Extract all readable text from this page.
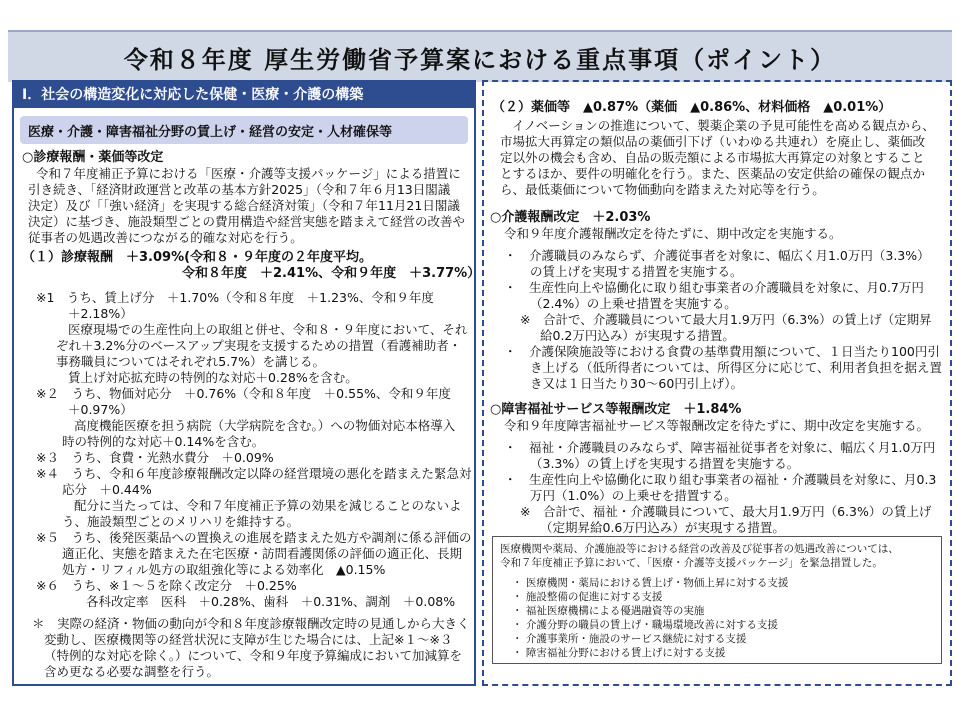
令和８年度 厚生労働省予算案における重点事項（ポイント）
Ⅰ．社会の構造変化に対応した保健・医療・介護の構築
医療・介護・障害福祉分野の賃上げ・経営の安定・人材確保等
○診療報酬・薬価等改定
令和７年度補正予算における「医療・介護等支援パッケージ」による措置に
引き続き、「経済財政運営と改革の基本方針2025」（令和７年６月13日閣議
決定）及び「「強い経済」を実現する総合経済対策」（令和７年11月21日閣議
決定）に基づき、施設類型ごとの費用構造や経営実態を踏まえて経営の改善や
従事者の処遇改善につながる的確な対応を行う。
（１）診療報酬　＋3.09%(令和８・９年度の２年度平均。
令和８年度　＋2.41%、令和９年度　＋3.77%）
※1　うち、賃上げ分　＋1.70%（令和８年度　＋1.23%、令和９年度
＋2.18%）
医療現場での生産性向上の取組と併せ、令和８・９年度において、それ
ぞれ＋3.2%分のベースアップ実現を支援するための措置（看護補助者・
事務職員についてはそれぞれ5.7%）を講じる。
賃上げ対応拡充時の特例的な対応＋0.28%を含む。
※２　うち、物価対応分　＋0.76%（令和８年度　＋0.55%、令和９年度
＋0.97%）
高度機能医療を担う病院（大学病院を含む。）への物価対応本格導入
時の特例的な対応＋0.14%を含む。
※３　うち、食費・光熱水費分　＋0.09%
※４　うち、令和６年度診療報酬改定以降の経営環境の悪化を踏まえた緊急対
応分　＋0.44%
配分に当たっては、令和７年度補正予算の効果を減じることのないよ
う、施設類型ごとのメリハリを維持する。
※５　うち、後発医薬品への置換えの進展を踏まえた処方や調剤に係る評価の
適正化、実態を踏まえた在宅医療・訪問看護関係の評価の適正化、長期
処方・リフィル処方の取組強化等による効率化　▲0.15%
※６　うち、※１～５を除く改定分　＋0.25%
各科改定率　医科　＋0.28%、歯科　＋0.31%、調剤　＋0.08%
＊　実際の経済・物価の動向が令和８年度診療報酬改定時の見通しから大きく
変動し、医療機関等の経営状況に支障が生じた場合には、上記※１～※３
（特例的な対応を除く。）について、令和９年度予算編成において加減算を
含め更なる必要な調整を行う。
（２）薬価等　▲0.87%（薬価　▲0.86%、材料価格　▲0.01%）
イノベーションの推進について、製薬企業の予見可能性を高める観点から、
市場拡大再算定の類似品の薬価引下げ（いわゆる共連れ）を廃止し、薬価改
定以外の機会も含め、自品の販売額による市場拡大再算定の対象とすること
とするほか、要件の明確化を行う。また、医薬品の安定供給の確保の観点か
ら、最低薬価について物価動向を踏まえた対応等を行う。
○介護報酬改定　＋2.03%
令和９年度介護報酬改定を待たずに、期中改定を実施する。
・　介護職員のみならず、介護従事者を対象に、幅広く月1.0万円（3.3%）
の賃上げを実現する措置を実施する。
・　生産性向上や協働化に取り組む事業者の介護職員を対象に、月0.7万円
（2.4%）の上乗せ措置を実施する。
※　合計で、介護職員について最大月1.9万円（6.3%）の賃上げ（定期昇
給0.2万円込み）が実現する措置。
・　介護保険施設等における食費の基準費用額について、１日当たり100円引
き上げる（低所得者については、所得区分に応じて、利用者負担を据え置
き又は１日当たり30～60円引上げ）。
○障害福祉サービス等報酬改定　＋1.84%
令和９年度障害福祉サービス等報酬改定を待たずに、期中改定を実施する。
・　福祉・介護職員のみならず、障害福祉従事者を対象に、幅広く月1.0万円
（3.3%）の賃上げを実現する措置を実施する。
・　生産性向上や協働化に取り組む事業者の福祉・介護職員を対象に、月0.3
万円（1.0%）の上乗せを措置する。
※　合計で、福祉・介護職員について、最大月1.9万円（6.3%）の賃上げ
（定期昇給0.6万円込み）が実現する措置。
医療機関や薬局、介護施設等における経営の改善及び従事者の処遇改善については、
令和７年度補正予算において、「医療・介護等支援パッケージ」を緊急措置した。
・ 医療機関・薬局における賃上げ・物価上昇に対する支援
・ 施設整備の促進に対する支援
・ 福祉医療機構による優遇融資等の実施
・ 介護分野の職員の賃上げ・職場環境改善に対する支援
・ 介護事業所・施設のサービス継続に対する支援
・ 障害福祉分野における賃上げに対する支援
